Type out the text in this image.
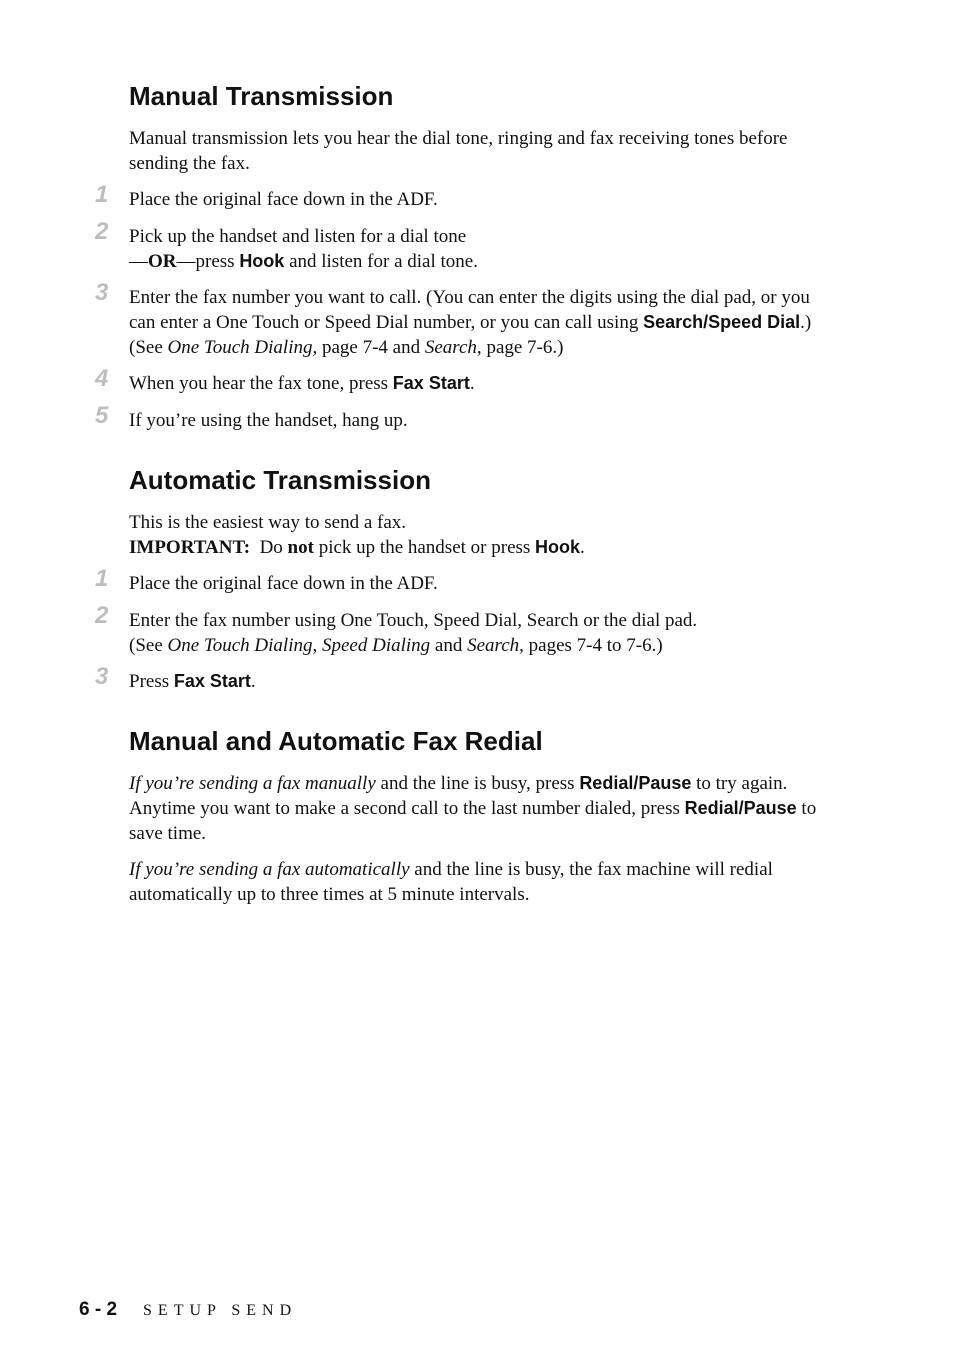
Manual Transmission

Manual transmission lets you hear the dial tone, ringing and fax receiving tones before sending the fax.

1 Place the original face down in the ADF.

2 Pick up the handset and listen for a dial tone
—OR—press Hook and listen for a dial tone.

3 Enter the fax number you want to call. (You can enter the digits using the dial pad, or you can enter a One Touch or Speed Dial number, or you can call using Search/Speed Dial.) (See One Touch Dialing, page 7-4 and Search, page 7-6.)

4 When you hear the fax tone, press Fax Start.

5 If you’re using the handset, hang up.

Automatic Transmission

This is the easiest way to send a fax.
IMPORTANT:  Do not pick up the handset or press Hook.

1 Place the original face down in the ADF.

2 Enter the fax number using One Touch, Speed Dial, Search or the dial pad.
(See One Touch Dialing, Speed Dialing and Search, pages 7-4 to 7-6.)

3 Press Fax Start.

Manual and Automatic Fax Redial

If you’re sending a fax manually and the line is busy, press Redial/Pause to try again. Anytime you want to make a second call to the last number dialed, press Redial/Pause to save time.

If you’re sending a fax automatically and the line is busy, the fax machine will redial automatically up to three times at 5 minute intervals.

6 - 2 SETUP SEND
